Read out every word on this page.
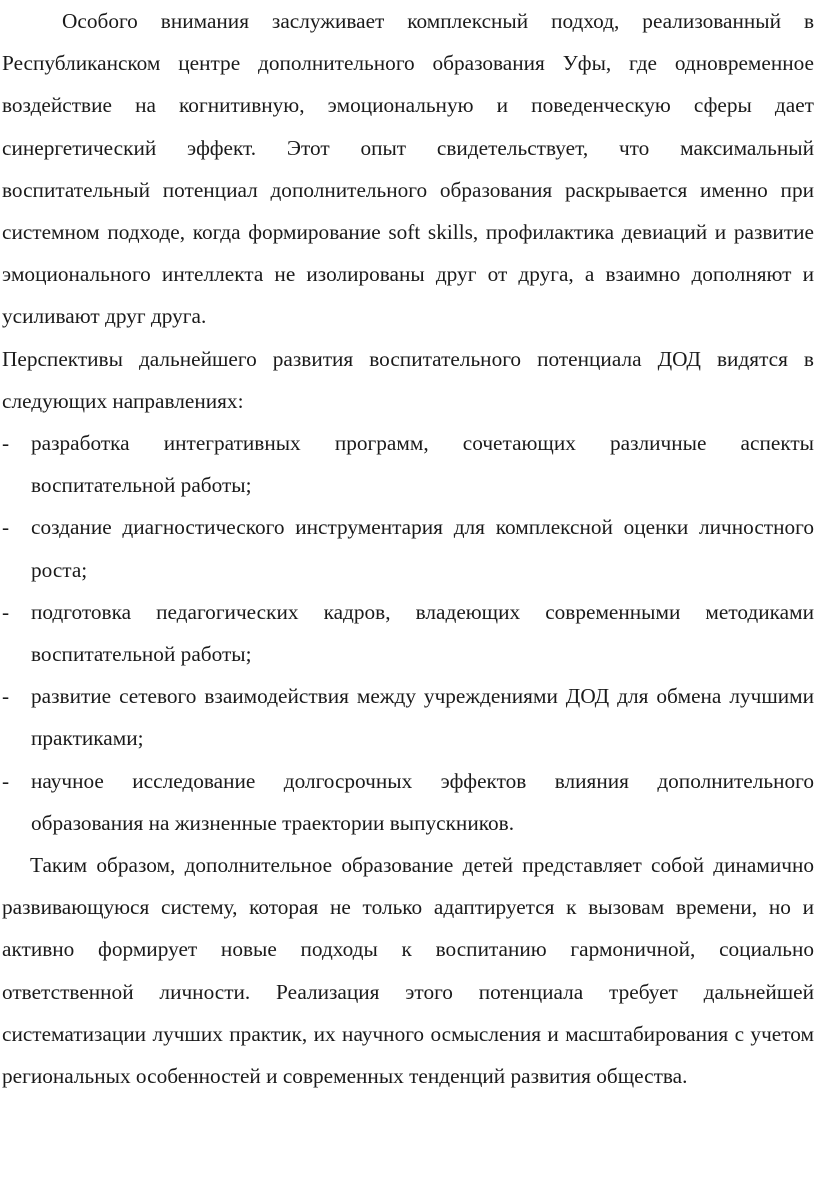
Особого внимания заслуживает комплексный подход, реализованный в Республиканском центре дополнительного образования Уфы, где одновременное воздействие на когнитивную, эмоциональную и поведенческую сферы дает синергетический эффект. Этот опыт свидетельствует, что максимальный воспитательный потенциал дополнительного образования раскрывается именно при системном подходе, когда формирование soft skills, профилактика девиаций и развитие эмоционального интеллекта не изолированы друг от друга, а взаимно дополняют и усиливают друг друга.

Перспективы дальнейшего развития воспитательного потенциала ДОД видятся в следующих направлениях:

- разработка интегративных программ, сочетающих различные аспекты воспитательной работы;
- создание диагностического инструментария для комплексной оценки личностного роста;
- подготовка педагогических кадров, владеющих современными методиками воспитательной работы;
- развитие сетевого взаимодействия между учреждениями ДОД для обмена лучшими практиками;
- научное исследование долгосрочных эффектов влияния дополнительного образования на жизненные траектории выпускников.

Таким образом, дополнительное образование детей представляет собой динамично развивающуюся систему, которая не только адаптируется к вызовам времени, но и активно формирует новые подходы к воспитанию гармоничной, социально ответственной личности. Реализация этого потенциала требует дальнейшей систематизации лучших практик, их научного осмысления и масштабирования с учетом региональных особенностей и современных тенденций развития общества.
